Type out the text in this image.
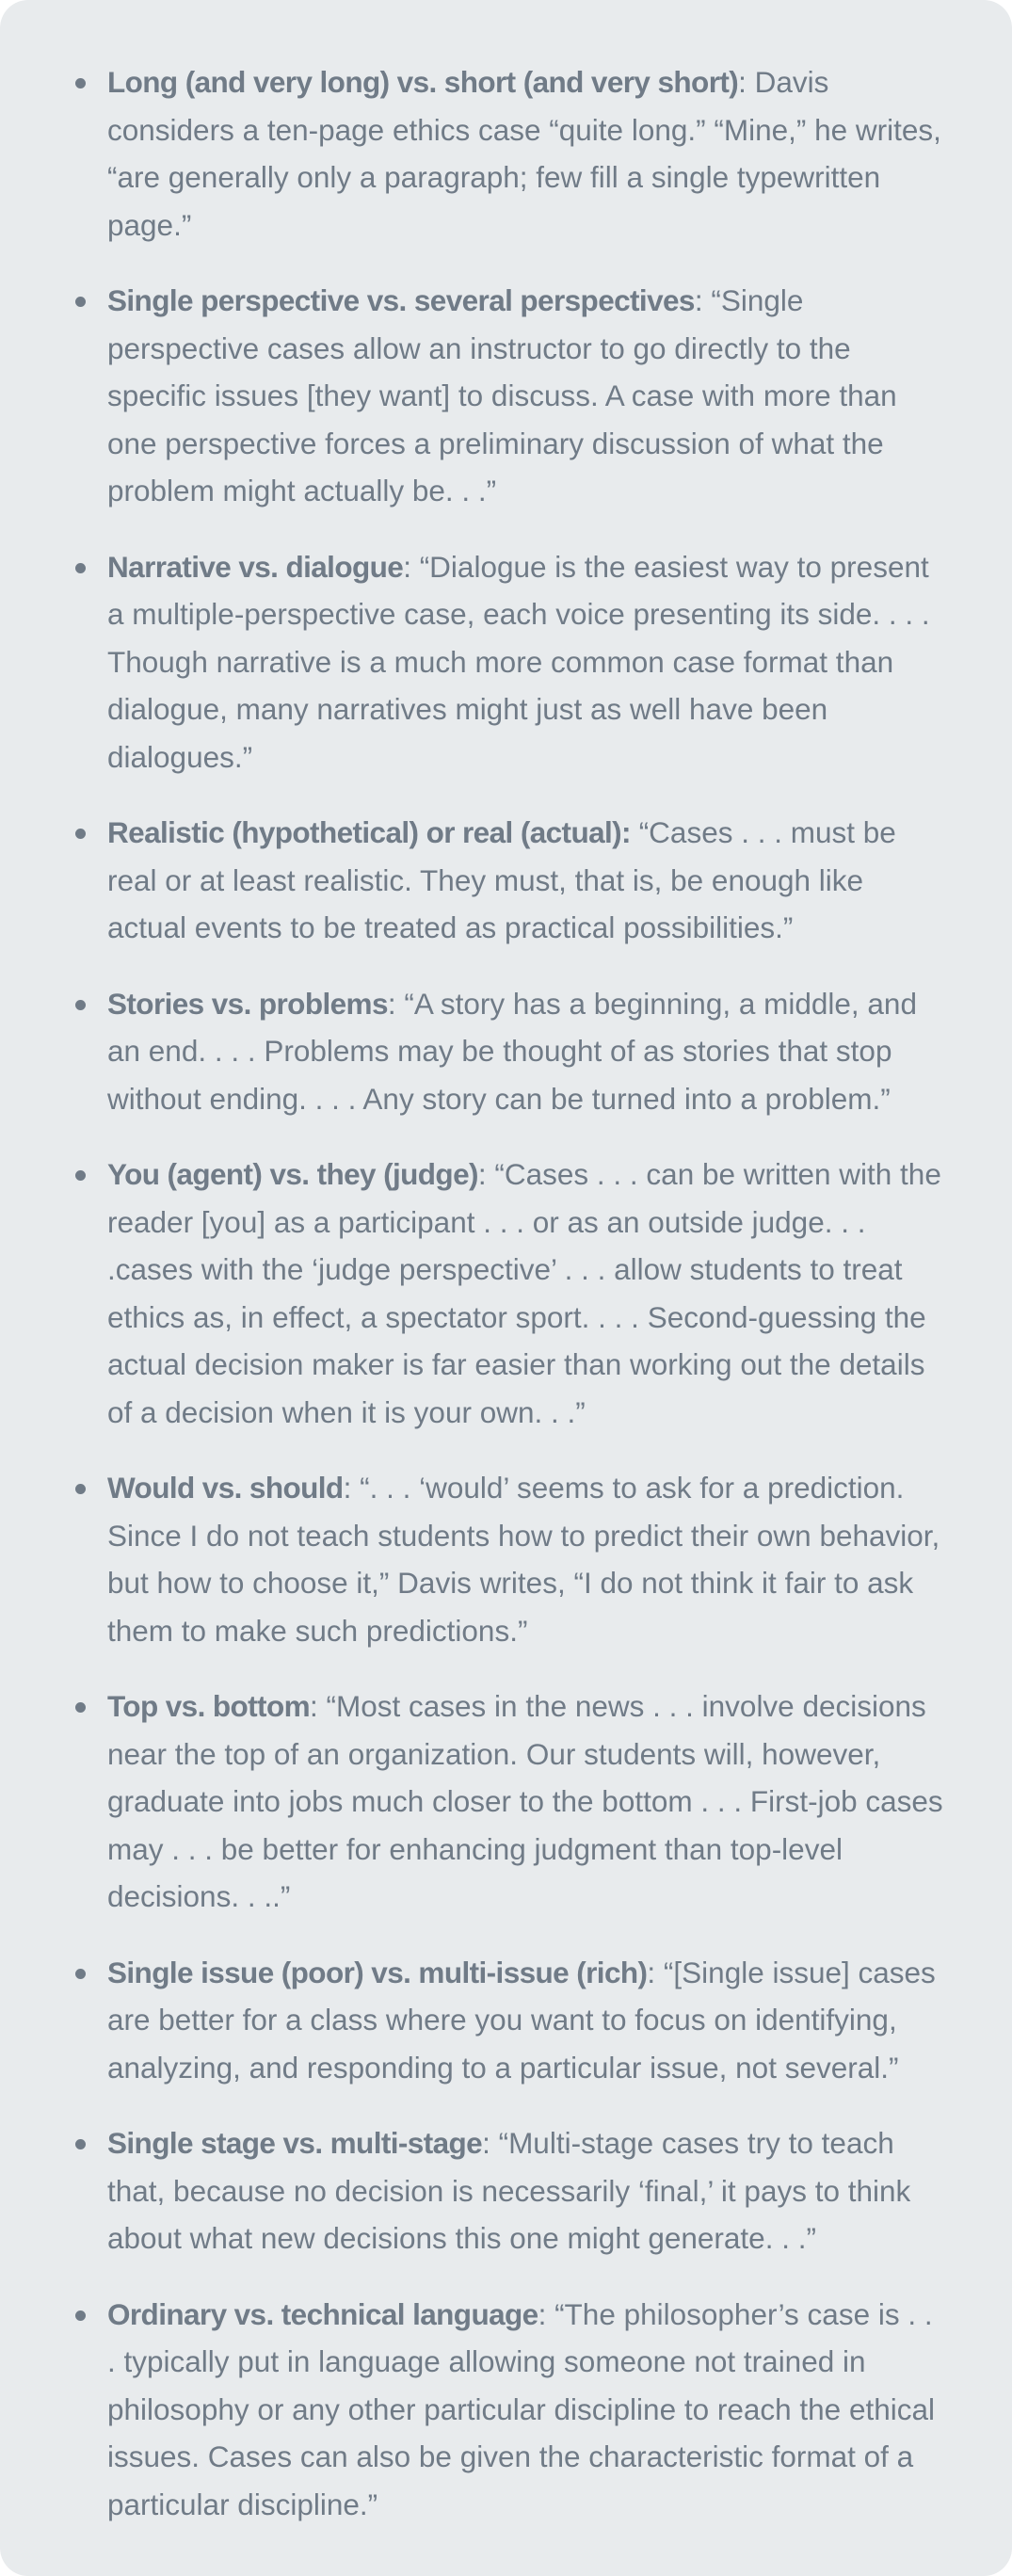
Long (and very long) vs. short (and very short): Davis considers a ten-page ethics case “quite long.” “Mine,” he writes, “are generally only a paragraph; few fill a single typewritten page.”
Single perspective vs. several perspectives: “Single perspective cases allow an instructor to go directly to the specific issues [they want] to discuss. A case with more than one perspective forces a preliminary discussion of what the problem might actually be. . .”
Narrative vs. dialogue: “Dialogue is the easiest way to present a multiple-perspective case, each voice presenting its side. . . . Though narrative is a much more common case format than dialogue, many narratives might just as well have been dialogues.”
Realistic (hypothetical) or real (actual): “Cases . . . must be real or at least realistic. They must, that is, be enough like actual events to be treated as practical possibilities.”
Stories vs. problems: “A story has a beginning, a middle, and an end. . . . Problems may be thought of as stories that stop without ending. . . . Any story can be turned into a problem.”
You (agent) vs. they (judge): “Cases . . . can be written with the reader [you] as a participant . . . or as an outside judge. . . .cases with the ‘judge perspective’ . . . allow students to treat ethics as, in effect, a spectator sport. . . . Second-guessing the actual decision maker is far easier than working out the details of a decision when it is your own. . .”
Would vs. should: “. . . ‘would’ seems to ask for a prediction. Since I do not teach students how to predict their own behavior, but how to choose it,” Davis writes, “I do not think it fair to ask them to make such predictions.”
Top vs. bottom: “Most cases in the news . . . involve decisions near the top of an organization. Our students will, however, graduate into jobs much closer to the bottom . . . First-job cases may . . . be better for enhancing judgment than top-level decisions. . ..”
Single issue (poor) vs. multi-issue (rich): “[Single issue] cases are better for a class where you want to focus on identifying, analyzing, and responding to a particular issue, not several.”
Single stage vs. multi-stage: “Multi-stage cases try to teach that, because no decision is necessarily ‘final,’ it pays to think about what new decisions this one might generate. . .”
Ordinary vs. technical language: “The philosopher’s case is . . . typically put in language allowing someone not trained in philosophy or any other particular discipline to reach the ethical issues. Cases can also be given the characteristic format of a particular discipline.”
